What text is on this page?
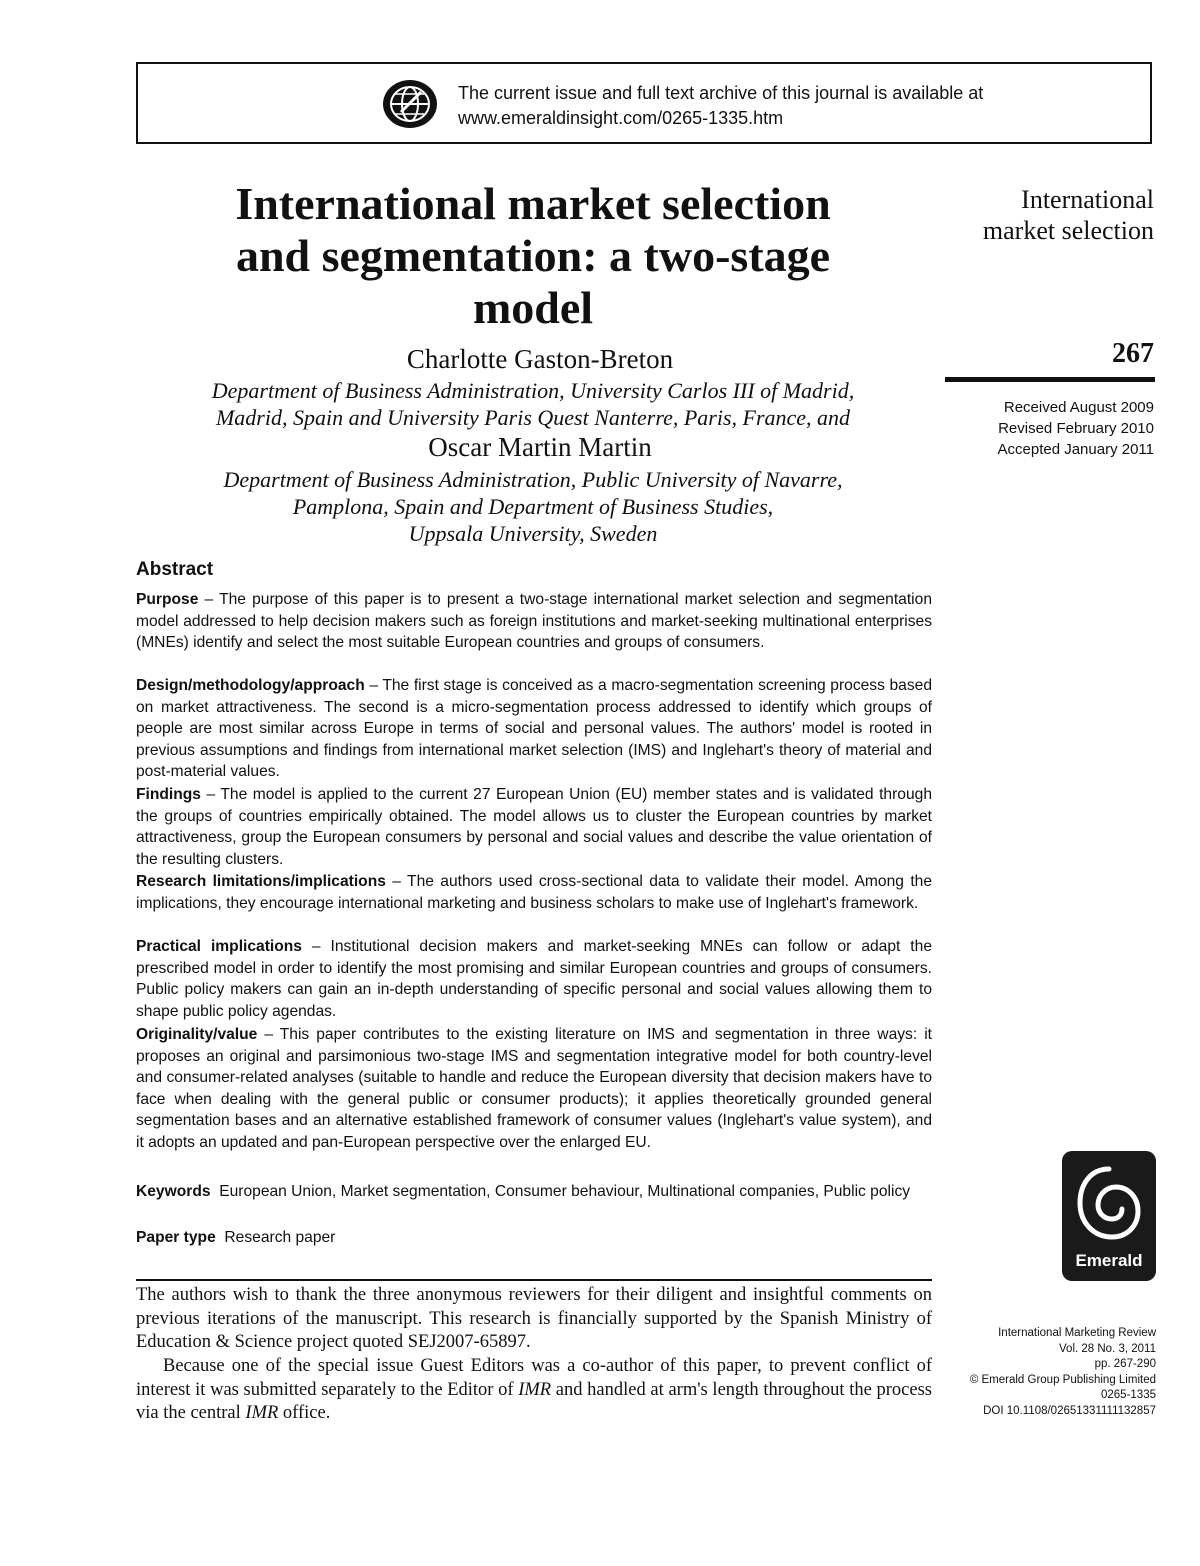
The current issue and full text archive of this journal is available at
www.emeraldinsight.com/0265-1335.htm
International market selection
and segmentation: a two-stage
model
Charlotte Gaston-Breton
Department of Business Administration, University Carlos III of Madrid,
Madrid, Spain and University Paris Quest Nanterre, Paris, France, and
Oscar Martin Martin
Department of Business Administration, Public University of Navarre,
Pamplona, Spain and Department of Business Studies,
Uppsala University, Sweden
International
market selection
267
Received August 2009
Revised February 2010
Accepted January 2011
Abstract
Purpose – The purpose of this paper is to present a two-stage international market selection and segmentation model addressed to help decision makers such as foreign institutions and market-seeking multinational enterprises (MNEs) identify and select the most suitable European countries and groups of consumers.
Design/methodology/approach – The first stage is conceived as a macro-segmentation screening process based on market attractiveness. The second is a micro-segmentation process addressed to identify which groups of people are most similar across Europe in terms of social and personal values. The authors' model is rooted in previous assumptions and findings from international market selection (IMS) and Inglehart's theory of material and post-material values.
Findings – The model is applied to the current 27 European Union (EU) member states and is validated through the groups of countries empirically obtained. The model allows us to cluster the European countries by market attractiveness, group the European consumers by personal and social values and describe the value orientation of the resulting clusters.
Research limitations/implications – The authors used cross-sectional data to validate their model. Among the implications, they encourage international marketing and business scholars to make use of Inglehart's framework.
Practical implications – Institutional decision makers and market-seeking MNEs can follow or adapt the prescribed model in order to identify the most promising and similar European countries and groups of consumers. Public policy makers can gain an in-depth understanding of specific personal and social values allowing them to shape public policy agendas.
Originality/value – This paper contributes to the existing literature on IMS and segmentation in three ways: it proposes an original and parsimonious two-stage IMS and segmentation integrative model for both country-level and consumer-related analyses (suitable to handle and reduce the European diversity that decision makers have to face when dealing with the general public or consumer products); it applies theoretically grounded general segmentation bases and an alternative established framework of consumer values (Inglehart's value system), and it adopts an updated and pan-European perspective over the enlarged EU.
Keywords European Union, Market segmentation, Consumer behaviour, Multinational companies, Public policy
Paper type Research paper
Emerald
The authors wish to thank the three anonymous reviewers for their diligent and insightful comments on previous iterations of the manuscript. This research is financially supported by the Spanish Ministry of Education & Science project quoted SEJ2007-65897.
Because one of the special issue Guest Editors was a co-author of this paper, to prevent conflict of interest it was submitted separately to the Editor of IMR and handled at arm's length throughout the process via the central IMR office.
International Marketing Review
Vol. 28 No. 3, 2011
pp. 267-290
© Emerald Group Publishing Limited
0265-1335
DOI 10.1108/02651331111132857
